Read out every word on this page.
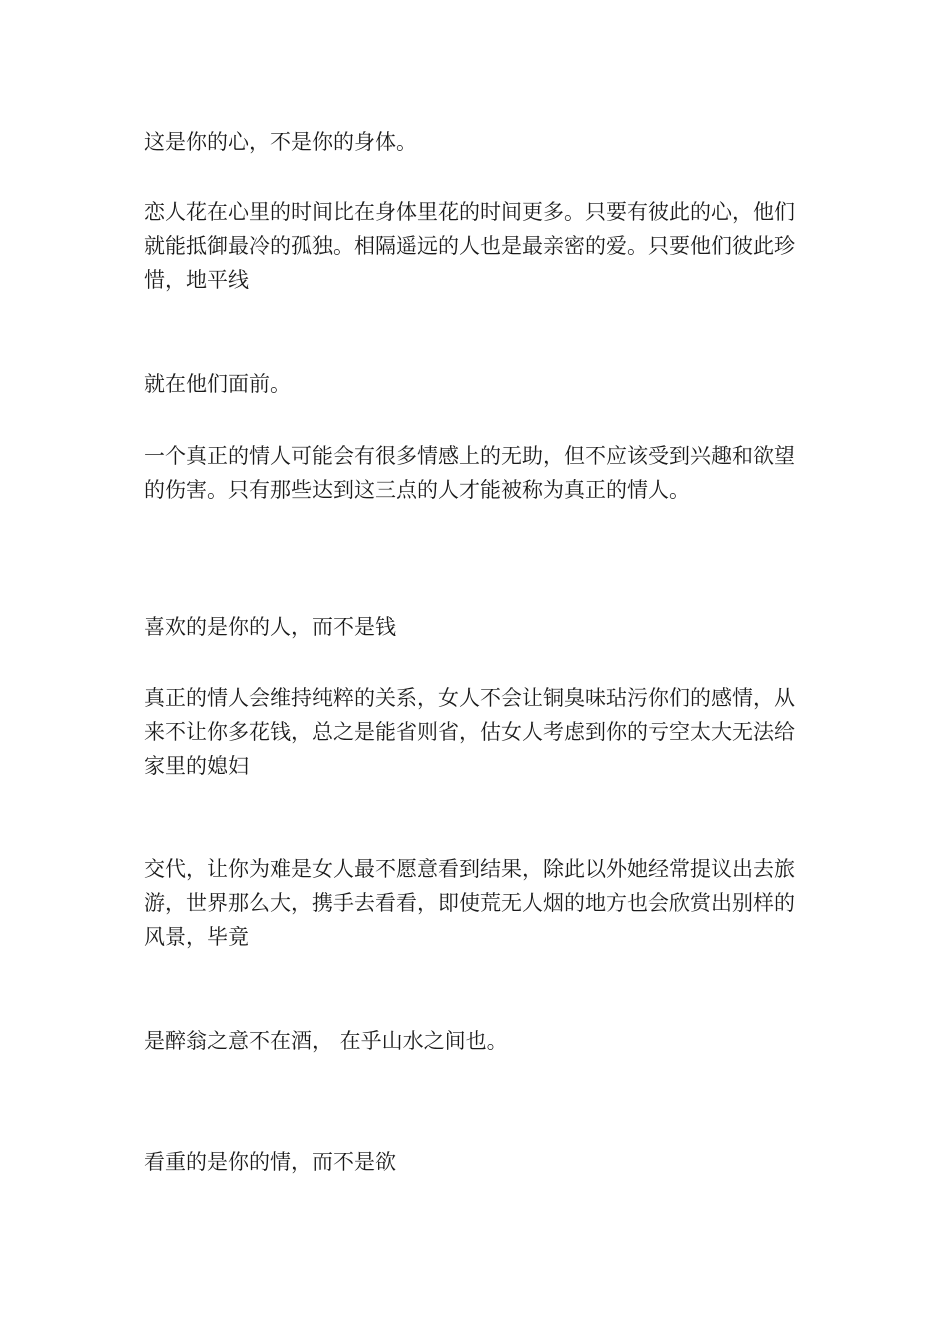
这是你的心，不是你的身体。

恋人花在心里的时间比在身体里花的时间更多。只要有彼此的心，他们就能抵御最冷的孤独。相隔遥远的人也是最亲密的爱。只要他们彼此珍惜，地平线

就在他们面前。

一个真正的情人可能会有很多情感上的无助，但不应该受到兴趣和欲望的伤害。只有那些达到这三点的人才能被称为真正的情人。

喜欢的是你的人，而不是钱

真正的情人会维持纯粹的关系，女人不会让铜臭味玷污你们的感情，从来不让你多花钱，总之是能省则省，估女人考虑到你的亏空太大无法给家里的媳妇

交代，让你为难是女人最不愿意看到结果，除此以外她经常提议出去旅游，世界那么大，携手去看看，即使荒无人烟的地方也会欣赏出别样的风景，毕竟

是醉翁之意不在酒， 在乎山水之间也。

看重的是你的情，而不是欲
